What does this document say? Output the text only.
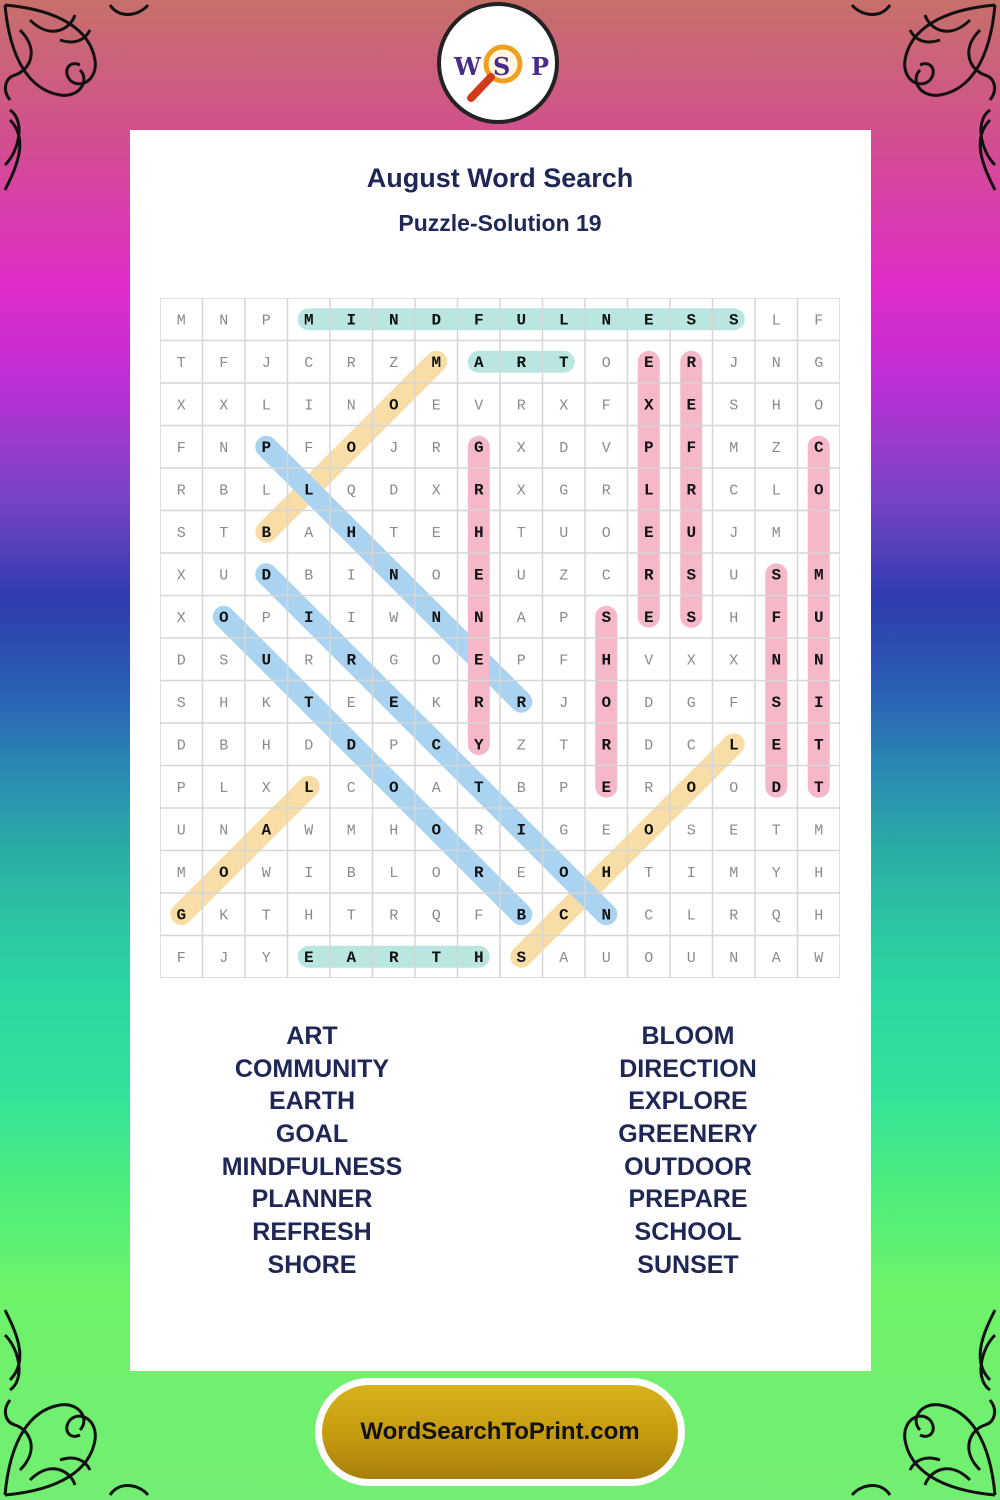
W S P
August Word Search
Puzzle-Solution 19
M N P M I N D F U L N E S S L F
T F J C R Z M A R T O E R J N G
X X L I N O E V R X F X E S H O
F N P F O J R G X D V P F M Z C
R B L L Q D X R X G R L R C L O
S T B A H T E H T U O E U J M
X U D B I N O E U Z C R S U S M
X O P I I W N N A P S E S H F U
D S U R R G O E P F H V X X N N
S H K T E E K R R J O D G F S I
D B H D D P C Y Z T R D C L E T
P L X L C O A T B P E R O O D T
U N A W M H O R I G E O S E T M
M O W I B L O R E O H T I M Y H
G K T H T R Q F B C N C L R Q H
F J Y E A R T H S A U O U N A W
ART
COMMUNITY
EARTH
GOAL
MINDFULNESS
PLANNER
REFRESH
SHORE
BLOOM
DIRECTION
EXPLORE
GREENERY
OUTDOOR
PREPARE
SCHOOL
SUNSET
WordSearchToPrint.com
